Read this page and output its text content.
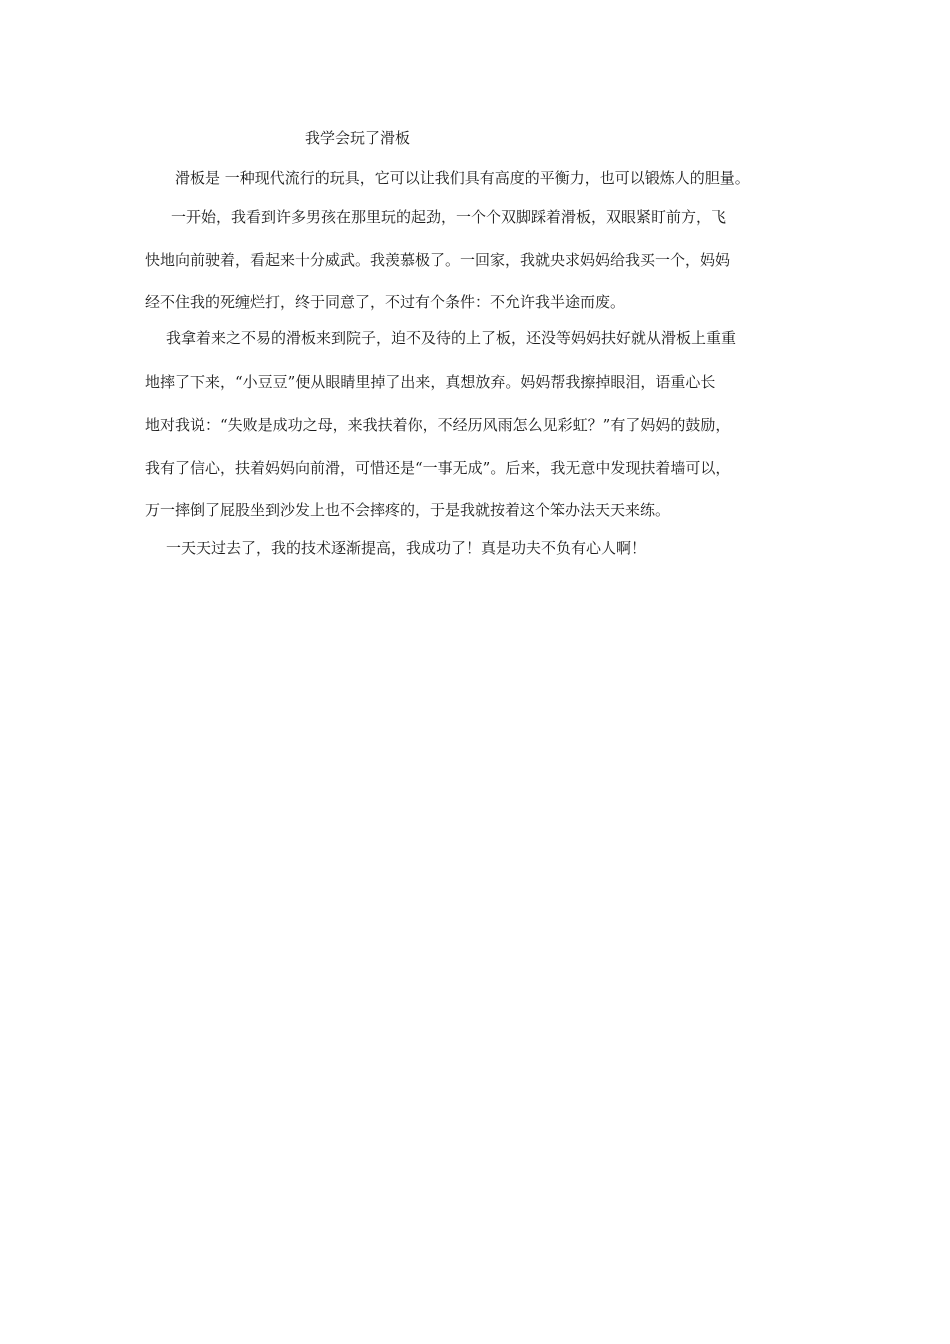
我学会玩了滑板
滑板是 一种现代流行的玩具，它可以让我们具有高度的平衡力，也可以锻炼人的胆量。
一开始，我看到许多男孩在那里玩的起劲，一个个双脚踩着滑板，双眼紧盯前方，飞
快地向前驶着，看起来十分威武。我羡慕极了。一回家，我就央求妈妈给我买一个，妈妈
经不住我的死缠烂打，终于同意了，不过有个条件：不允许我半途而废。
我拿着来之不易的滑板来到院子，迫不及待的上了板，还没等妈妈扶好就从滑板上重重
地摔了下来，“小豆豆”便从眼睛里掉了出来，真想放弃。妈妈帮我擦掉眼泪，语重心长
地对我说：“失败是成功之母，来我扶着你，不经历风雨怎么见彩虹？”有了妈妈的鼓励，
我有了信心，扶着妈妈向前滑，可惜还是“一事无成”。后来，我无意中发现扶着墙可以，
万一摔倒了屁股坐到沙发上也不会摔疼的，于是我就按着这个笨办法天天来练。
一天天过去了，我的技术逐渐提高，我成功了！真是功夫不负有心人啊！
